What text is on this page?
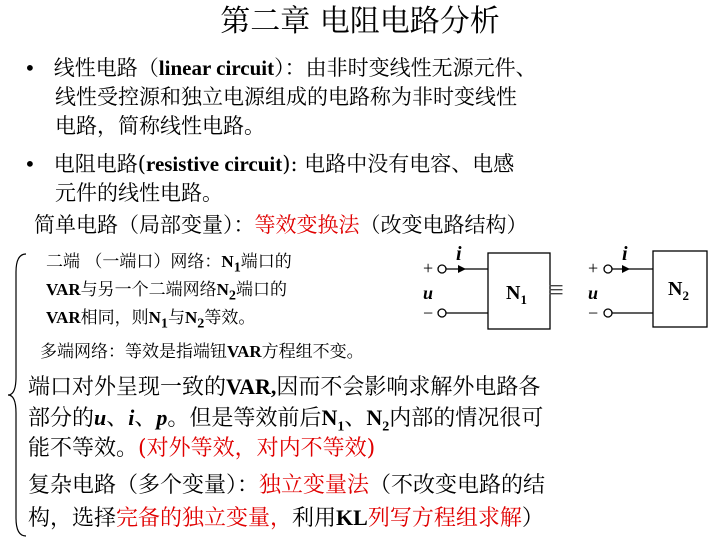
第二章 电阻电路分析
• 线性电路（linear circuit）：由非时变线性无源元件、
线性受控源和独立电源组成的电路称为非时变线性
电路，简称线性电路。
• 电阻电路(resistive circuit): 电路中没有电容、电感
元件的线性电路。
简单电路（局部变量）：等效变换法（改变电路结构）
二端 （一端口）网络：$N_1$端口的
VAR与另一个二端网络$N_2$端口的
VAR相同，则$N_1$与$N_2$等效。
i
+
−
u	$N_1$ ≡
i
+
−
u	$N_2$
多端网络：等效是指端钮VAR方程组不变。
端口对外呈现一致的VAR,因而不会影响求解外电路各
部分的u、i、p。但是等效前后$N_1$、$N_2$内部的情况很可
能不等效。(对外等效，对内不等效)
复杂电路（多个变量）：独立变量法（不改变电路的结
构，选择完备的独立变量，利用KL列写方程组求解）
